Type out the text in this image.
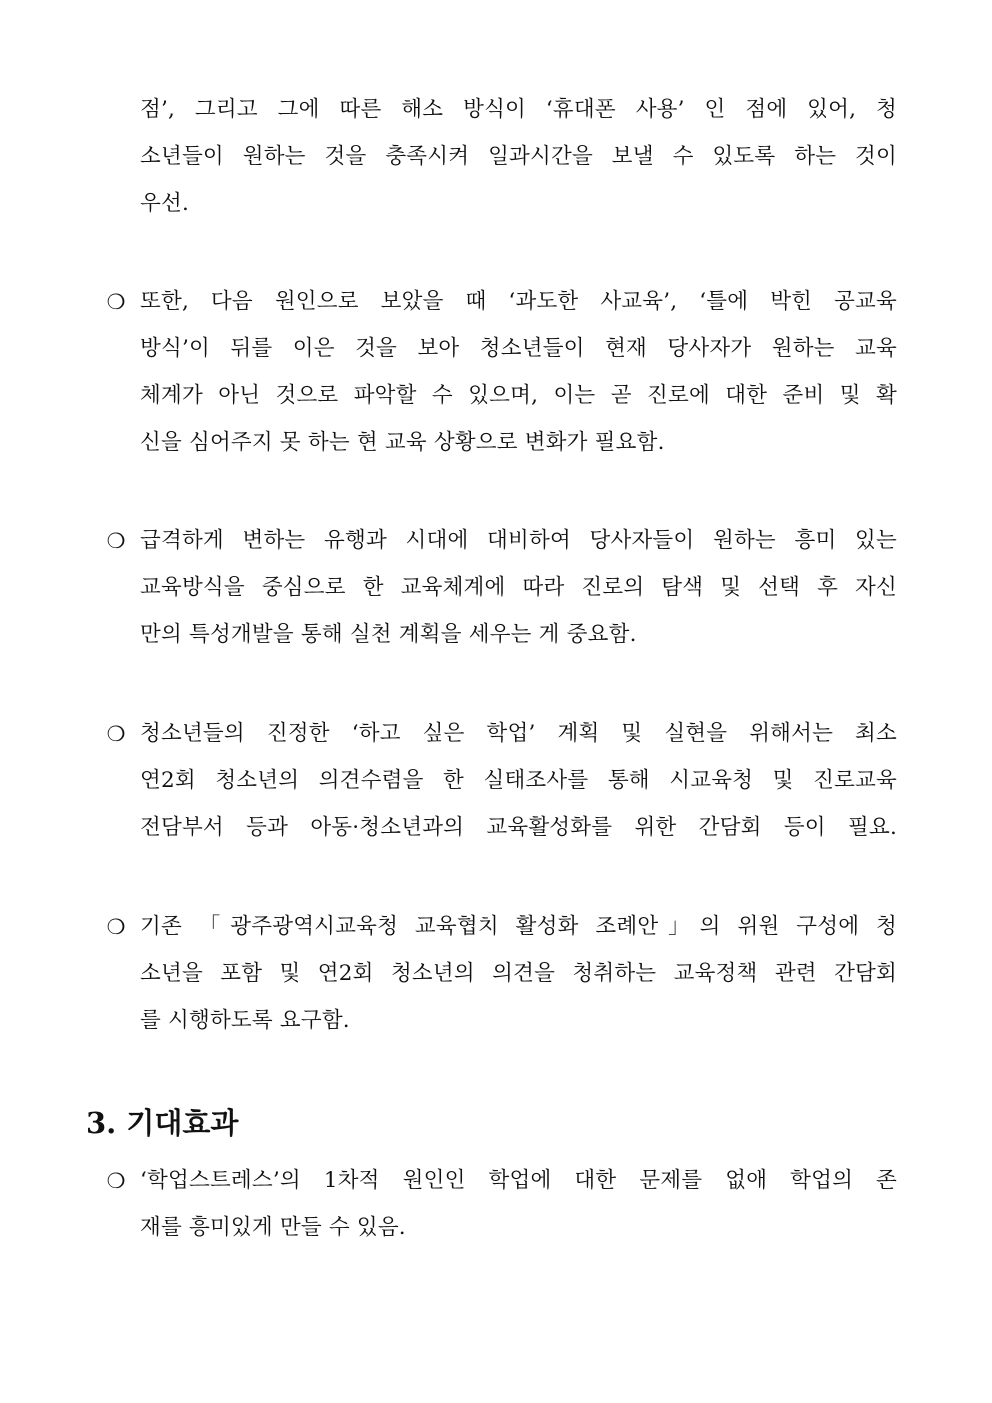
점’, 그리고 그에 따른 해소 방식이 ‘휴대폰 사용’ 인 점에 있어, 청
소년들이 원하는 것을 충족시켜 일과시간을 보낼 수 있도록 하는 것이
우선.
❍ 또한, 다음 원인으로 보았을 때 ‘과도한 사교육’, ‘틀에 박힌 공교육
방식’이 뒤를 이은 것을 보아 청소년들이 현재 당사자가 원하는 교육
체계가 아닌 것으로 파악할 수 있으며, 이는 곧 진로에 대한 준비 및 확
신을 심어주지 못 하는 현 교육 상황으로 변화가 필요함.
❍ 급격하게 변하는 유행과 시대에 대비하여 당사자들이 원하는 흥미 있는
교육방식을 중심으로 한 교육체계에 따라 진로의 탐색 및 선택 후 자신
만의 특성개발을 통해 실천 계획을 세우는 게 중요함.
❍ 청소년들의 진정한 ‘하고 싶은 학업’ 계획 및 실현을 위해서는 최소
연2회 청소년의 의견수렴을 한 실태조사를 통해 시교육청 및 진로교육
전담부서 등과 아동·청소년과의 교육활성화를 위한 간담회 등이 필요.
❍ 기존 「광주광역시교육청 교육협치 활성화 조례안」의 위원 구성에 청
소년을 포함 및 연2회 청소년의 의견을 청취하는 교육정책 관련 간담회
를 시행하도록 요구함.
3. 기대효과
❍ ‘학업스트레스’의 1차적 원인인 학업에 대한 문제를 없애 학업의 존
재를 흥미있게 만들 수 있음.
